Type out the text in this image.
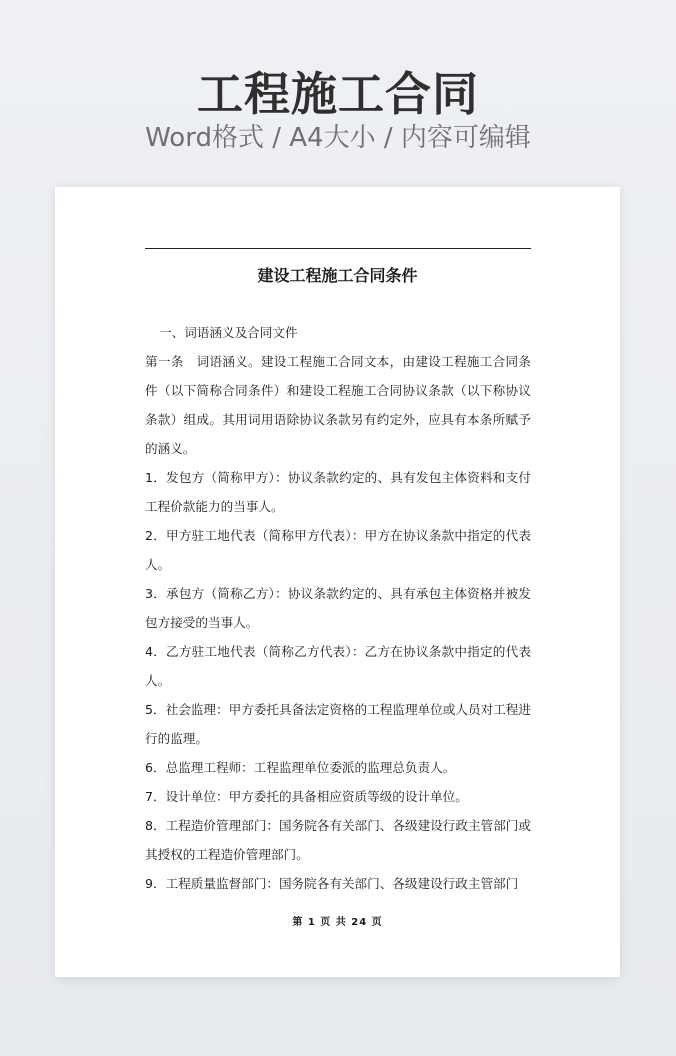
工程施工合同
Word格式 / A4大小 / 内容可编辑
建设工程施工合同条件

一、词语涵义及合同文件

第一条　词语涵义。建设工程施工合同文本，由建设工程施工合同条件（以下简称合同条件）和建设工程施工合同协议条款（以下称协议条款）组成。其用词用语除协议条款另有约定外，应具有本条所赋予的涵义。

1．发包方（简称甲方）：协议条款约定的、具有发包主体资料和支付工程价款能力的当事人。

2．甲方驻工地代表（简称甲方代表）：甲方在协议条款中指定的代表人。

3．承包方（简称乙方）：协议条款约定的、具有承包主体资格并被发包方接受的当事人。

4．乙方驻工地代表（简称乙方代表）：乙方在协议条款中指定的代表人。

5．社会监理：甲方委托具备法定资格的工程监理单位或人员对工程进行的监理。

6．总监理工程师：工程监理单位委派的监理总负责人。

7．设计单位：甲方委托的具备相应资质等级的设计单位。

8．工程造价管理部门：国务院各有关部门、各级建设行政主管部门或其授权的工程造价管理部门。

9．工程质量监督部门：国务院各有关部门、各级建设行政主管部门

第 1 页 共 24 页
